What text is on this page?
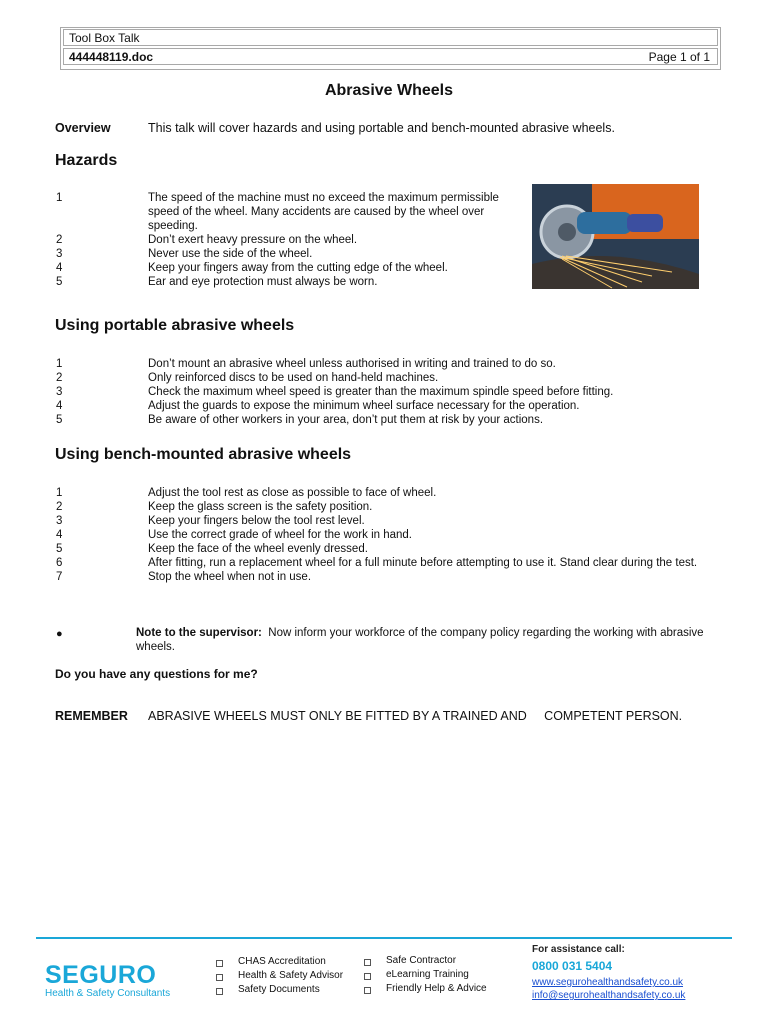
Tool Box Talk
444448119.doc	Page 1 of 1
Abrasive Wheels
Overview	This talk will cover hazards and using portable and bench-mounted abrasive wheels.
Hazards
1	The speed of the machine must no exceed the maximum permissible speed of the wheel. Many accidents are caused by the wheel over speeding.
2	Don’t exert heavy pressure on the wheel.
3	Never use the side of the wheel.
4	Keep your fingers away from the cutting edge of the wheel.
5	Ear and eye protection must always be worn.
Using portable abrasive wheels
1	Don’t mount an abrasive wheel unless authorised in writing and trained to do so.
2	Only reinforced discs to be used on hand-held machines.
3	Check the maximum wheel speed is greater than the maximum spindle speed before fitting.
4	Adjust the guards to expose the minimum wheel surface necessary for the operation.
5	Be aware of other workers in your area, don’t put them at risk by your actions.
Using bench-mounted abrasive wheels
1	Adjust the tool rest as close as possible to face of wheel.
2	Keep the glass screen is the safety position.
3	Keep your fingers below the tool rest level.
4	Use the correct grade of wheel for the work in hand.
5	Keep the face of the wheel evenly dressed.
6	After fitting, run a replacement wheel for a full minute before attempting to use it. Stand clear during the test.
7	Stop the wheel when not in use.
●	Note to the supervisor: Now inform your workforce of the company policy regarding the working with abrasive wheels.
Do you have any questions for me?
REMEMBER ABRASIVE WHEELS MUST ONLY BE FITTED BY A TRAINED AND     COMPETENT PERSON.
SEGURO
Health & Safety Consultants
CHAS Accreditation
Health & Safety Advisor
Safety Documents
Safe Contractor
eLearning Training
Friendly Help & Advice
For assistance call:
0800 031 5404
www.segurohealthandsafety.co.uk
info@segurohealthandsafety.co.uk
